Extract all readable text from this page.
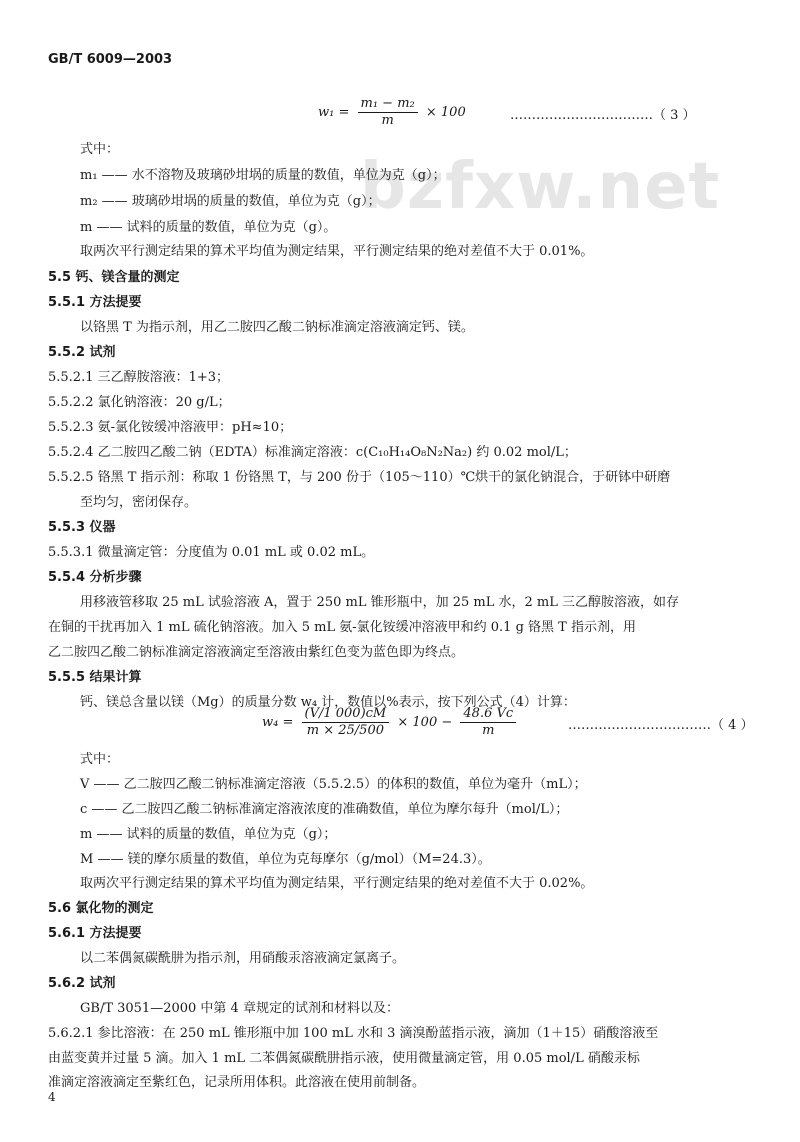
GB/T 6009—2003
bzfxw.net
$w_1 = \frac{\text{m₁ − m₂}}{m} \times 100$	……………………………（ 3 ）
式中：
m₁ —— 水不溶物及玻璃砂坩埚的质量的数值，单位为克（g）；
m₂ —— 玻璃砂坩埚的质量的数值，单位为克（g）；
m —— 试料的质量的数值，单位为克（g）。
取两次平行测定结果的算术平均值为测定结果，平行测定结果的绝对差值不大于 0.01%。
5.5 钙、镁含量的测定
5.5.1 方法提要
以铬黑 T 为指示剂，用乙二胺四乙酸二钠标准滴定溶液滴定钙、镁。
5.5.2 试剂
5.5.2.1 三乙醇胺溶液：1+3；
5.5.2.2 氯化钠溶液：20 g/L；
5.5.2.3 氨-氯化铵缓冲溶液甲：pH≈10；
5.5.2.4 乙二胺四乙酸二钠（EDTA）标准滴定溶液：c(C₁₀H₁₄O₈N₂Na₂) 约 0.02 mol/L；
5.5.2.5 铬黑 T 指示剂：称取 1 份铬黑 T，与 200 份于（105～110）℃烘干的氯化钠混合，于研钵中研磨
至均匀，密闭保存。
5.5.3 仪器
5.5.3.1 微量滴定管：分度值为 0.01 mL 或 0.02 mL。
5.5.4 分析步骤
用移液管移取 25 mL 试验溶液 A，置于 250 mL 锥形瓶中，加 25 mL 水，2 mL 三乙醇胺溶液，如存
在铜的干扰再加入 1 mL 硫化钠溶液。加入 5 mL 氨-氯化铵缓冲溶液甲和约 0.1 g 铬黑 T 指示剂，用
乙二胺四乙酸二钠标准滴定溶液滴定至溶液由紫红色变为蓝色即为终点。
5.5.5 结果计算
钙、镁总含量以镁（Mg）的质量分数 w₄ 计，数值以%表示，按下列公式（4）计算：
$w_4 = \frac{(V/1 000)cM}{m \times 25/500} \times 100 - \frac{48.6 Vc}{m}$	……………………………（ 4 ）
式中：
V —— 乙二胺四乙酸二钠标准滴定溶液（5.5.2.5）的体积的数值，单位为毫升（mL）；
c —— 乙二胺四乙酸二钠标准滴定溶液浓度的准确数值，单位为摩尔每升（mol/L）；
m —— 试料的质量的数值，单位为克（g）；
M —— 镁的摩尔质量的数值，单位为克每摩尔（g/mol）（M=24.3）。
取两次平行测定结果的算术平均值为测定结果，平行测定结果的绝对差值不大于 0.02%。
5.6 氯化物的测定
5.6.1 方法提要
以二苯偶氮碳酰肼为指示剂，用硝酸汞溶液滴定氯离子。
5.6.2 试剂
GB/T 3051—2000 中第 4 章规定的试剂和材料以及：
5.6.2.1 参比溶液：在 250 mL 锥形瓶中加 100 mL 水和 3 滴溴酚蓝指示液，滴加（1＋15）硝酸溶液至
由蓝变黄并过量 5 滴。加入 1 mL 二苯偶氮碳酰肼指示液，使用微量滴定管，用 0.05 mol/L 硝酸汞标
准滴定溶液滴定至紫红色，记录所用体积。此溶液在使用前制备。
4
